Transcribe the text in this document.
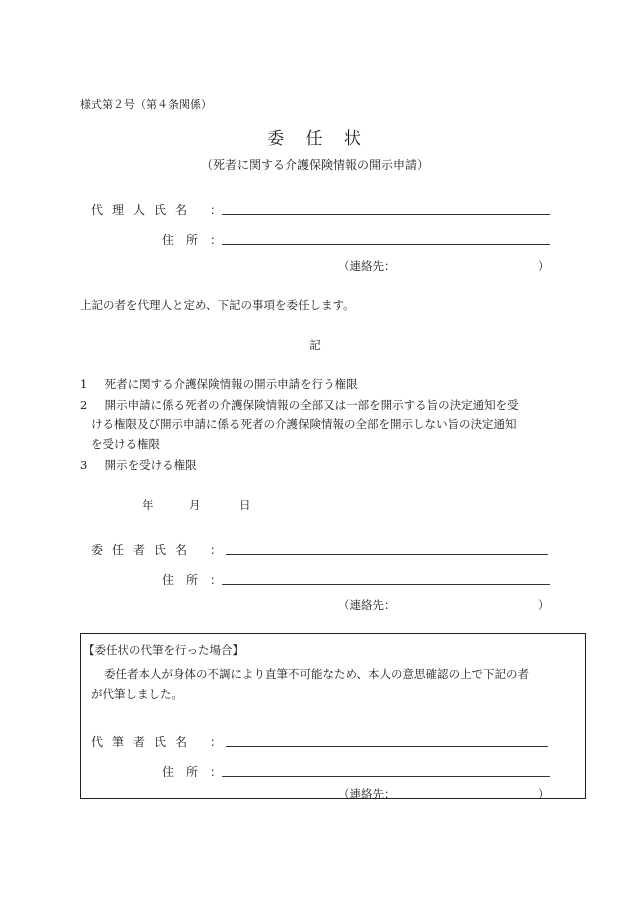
様式第２号（第４条関係）
委 任 状
（死者に関する介護保険情報の開示申請）
代理人氏名 ：
住所 ：
（連絡先：	）
上記の者を代理人と定め、下記の事項を委任します。
記
1 死者に関する介護保険情報の開示申請を行う権限
2 開示申請に係る死者の介護保険情報の全部又は一部を開示する旨の決定通知を受
ける権限及び開示申請に係る死者の介護保険情報の全部を開示しない旨の決定通知
を受ける権限
3 開示を受ける権限
年	月	日
委任者氏名 ：
住所 ：
（連絡先：	）
【委任状の代筆を行った場合】
委任者本人が身体の不調により直筆不可能なため、本人の意思確認の上で下記の者
が代筆しました。
代筆者氏名 ：
住所 ：
（連絡先：	）
